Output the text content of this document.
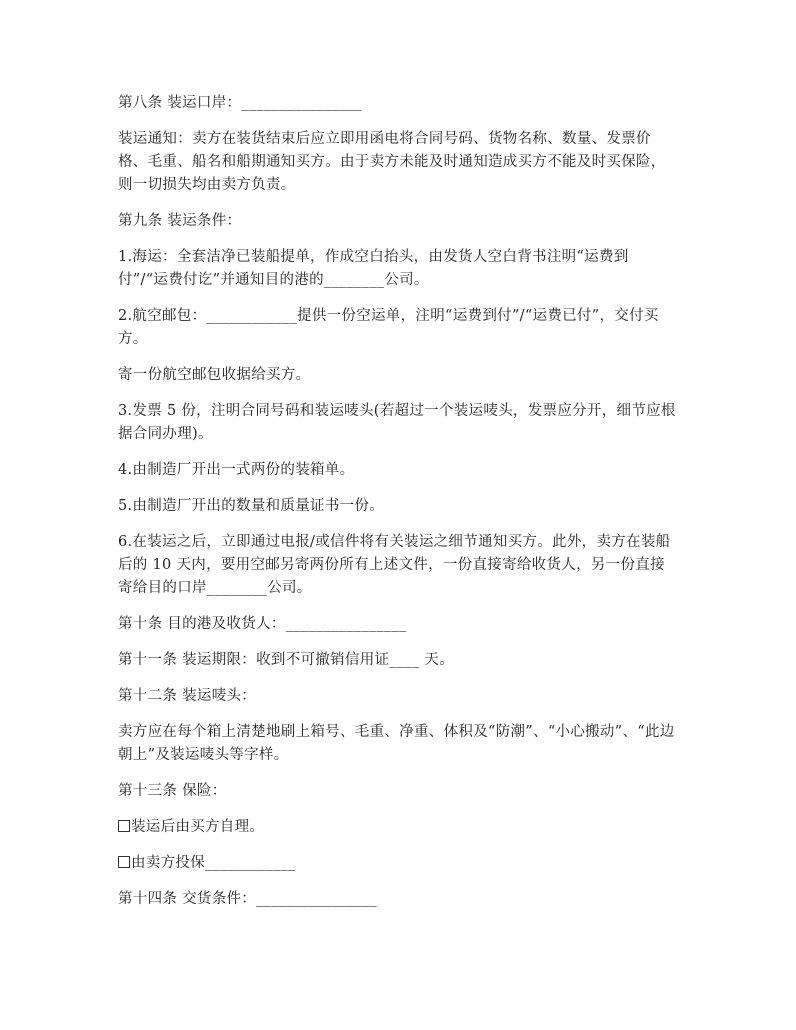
第八条 装运口岸：________________

装运通知：卖方在装货结束后应立即用函电将合同号码、货物名称、数量、发票价格、毛重、船名和船期通知买方。由于卖方未能及时通知造成买方不能及时买保险，则一切损失均由卖方负责。

第九条 装运条件：

1.海运：全套洁净已装船提单，作成空白抬头，由发货人空白背书注明“运费到付”/“运费付讫”并通知目的港的________公司。

2.航空邮包：____________提供一份空运单，注明“运费到付”/“运费已付”，交付买方。

寄一份航空邮包收据给买方。

3.发票 5 份，注明合同号码和装运唛头(若超过一个装运唛头，发票应分开，细节应根据合同办理)。

4.由制造厂开出一式两份的装箱单。

5.由制造厂开出的数量和质量证书一份。

6.在装运之后，立即通过电报/或信件将有关装运之细节通知买方。此外，卖方在装船后的 10 天内，要用空邮另寄两份所有上述文件，一份直接寄给收货人，另一份直接寄给目的口岸________公司。

第十条 目的港及收货人：________________

第十一条 装运期限：收到不可撤销信用证____ 天。

第十二条 装运唛头：

卖方应在每个箱上清楚地刷上箱号、毛重、净重、体积及“防潮”、“小心搬动”、“此边朝上”及装运唛头等字样。

第十三条 保险：

装运后由买方自理。

由卖方投保____________

第十四条 交货条件：________________
